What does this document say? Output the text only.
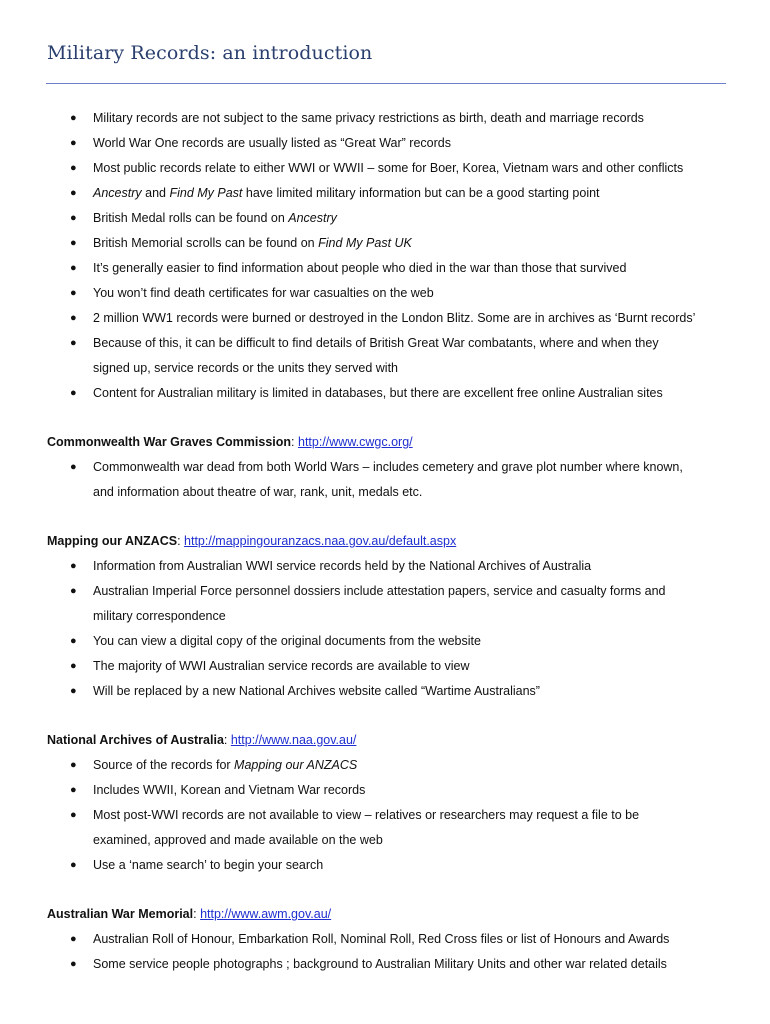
Military Records: an introduction
● Military records are not subject to the same privacy restrictions as birth, death and marriage records
● World War One records are usually listed as “Great War” records
● Most public records relate to either WWI or WWII – some for Boer, Korea, Vietnam wars and other conflicts
● Ancestry and Find My Past have limited military information but can be a good starting point
● British Medal rolls can be found on Ancestry
● British Memorial scrolls can be found on Find My Past UK
● It’s generally easier to find information about people who died in the war than those that survived
● You won’t find death certificates for war casualties on the web
● 2 million WW1 records were burned or destroyed in the London Blitz. Some are in archives as ‘Burnt records’
● Because of this, it can be difficult to find details of British Great War combatants, where and when they
signed up, service records or the units they served with
● Content for Australian military is limited in databases, but there are excellent free online Australian sites
Commonwealth War Graves Commission: http://www.cwgc.org/
● Commonwealth war dead from both World Wars – includes cemetery and grave plot number where known,
and information about theatre of war, rank, unit, medals etc.
Mapping our ANZACS: http://mappingouranzacs.naa.gov.au/default.aspx
● Information from Australian WWI service records held by the National Archives of Australia
● Australian Imperial Force personnel dossiers include attestation papers, service and casualty forms and
military correspondence
● You can view a digital copy of the original documents from the website
● The majority of WWI Australian service records are available to view
● Will be replaced by a new National Archives website called “Wartime Australians”
National Archives of Australia: http://www.naa.gov.au/
● Source of the records for Mapping our ANZACS
● Includes WWII, Korean and Vietnam War records
● Most post-WWI records are not available to view – relatives or researchers may request a file to be
examined, approved and made available on the web
● Use a ‘name search’ to begin your search
Australian War Memorial: http://www.awm.gov.au/
● Australian Roll of Honour, Embarkation Roll, Nominal Roll, Red Cross files or list of Honours and Awards
● Some service people photographs ; background to Australian Military Units and other war related details
